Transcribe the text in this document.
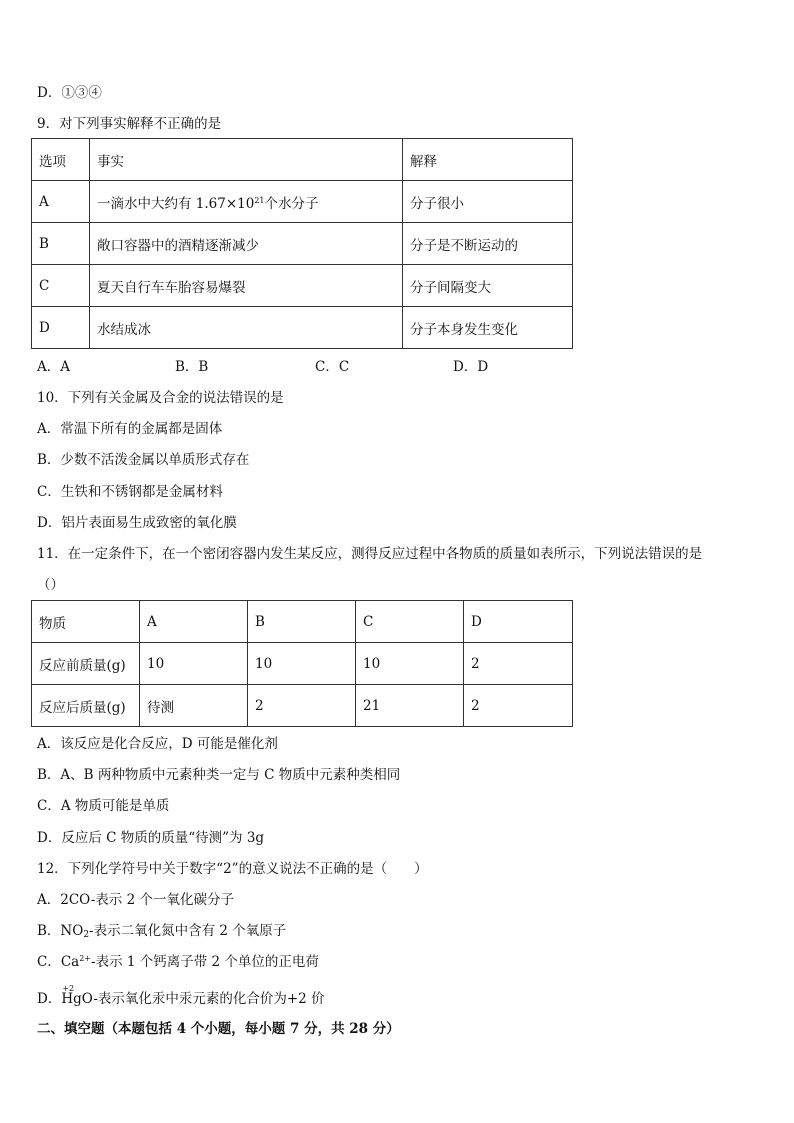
D．①③④
9．对下列事实解释不正确的是
选项	事实	解释
A	一滴水中大约有 $1.67\times 10^{21}$个水分子	分子很小
B	敞口容器中的酒精逐渐减少	分子是不断运动的
C	夏天自行车车胎容易爆裂	分子间隔变大
D	水结成冰	分子本身发生变化
A．A	B．B	C．C	D．D
10．下列有关金属及合金的说法错误的是
A．常温下所有的金属都是固体
B．少数不活泼金属以单质形式存在
C．生铁和不锈钢都是金属材料
D．铝片表面易生成致密的氧化膜
11．在一定条件下，在一个密闭容器内发生某反应，测得反应过程中各物质的质量如表所示，下列说法错误的是
（）
物质	A	B	C	D
反应前质量(g)	10	10	10	2
反应后质量(g)	待测	2	21	2
A．该反应是化合反应，D 可能是催化剂
B．A、B 两种物质中元素种类一定与 C 物质中元素种类相同
C．A 物质可能是单质
D．反应后 C 物质的质量“待测”为 3g
12．下列化学符号中关于数字“2”的意义说法不正确的是（　　）
A．2CO-表示 2 个一氧化碳分子
B．$NO_2-$表示二氧化氮中含有 2 个氧原子
C．$Ca^{2+}-$表示 1 个钙离子带 2 个单位的正电荷
D．
+2
HgO-表示氧化汞中汞元素的化合价为+2 价
二、填空题（本题包括 4 个小题，每小题 7 分，共 28 分）
